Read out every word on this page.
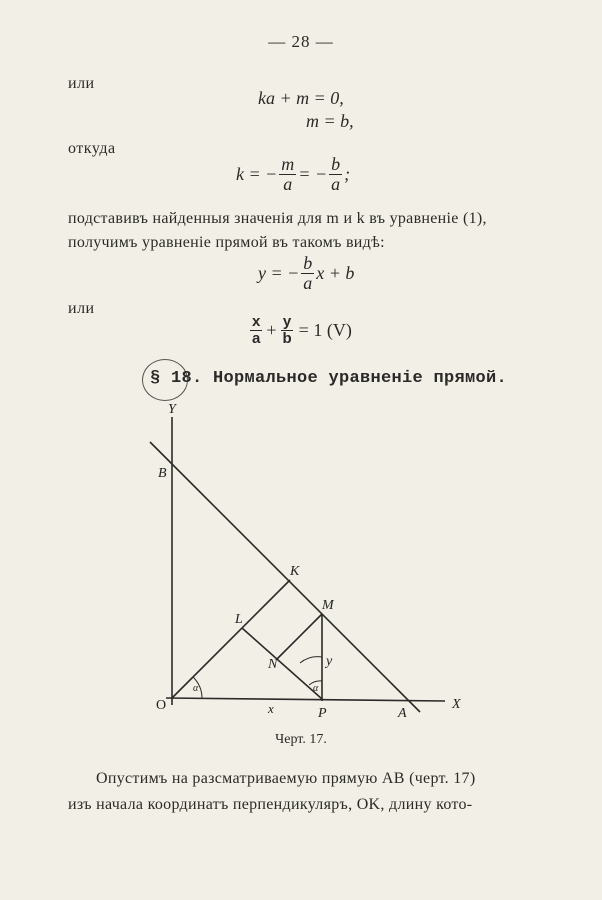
— 28 —
или
ka + m = 0,
m = b,
откуда
k = − $\frac{m}{a}$ = − $\frac{b}{a}$ ;
подставивъ найденныя значенія для m и k въ уравненіе (1),
получимъ уравненіе прямой въ такомъ видѣ:
y = − $\frac{b}{a}$ x + b
или
$\frac{x}{a} + \frac{y}{b} = 1$ (V)
§ 18. Нормальное уравненіе прямой.
Y
B
K
M
L
N	y
α	α
O	x	P	A
X
Черт. 17.
Опустимъ на разсматриваемую прямую AB (черт. 17)
изъ начала координатъ перпендикуляръ, OK, длину кото-
